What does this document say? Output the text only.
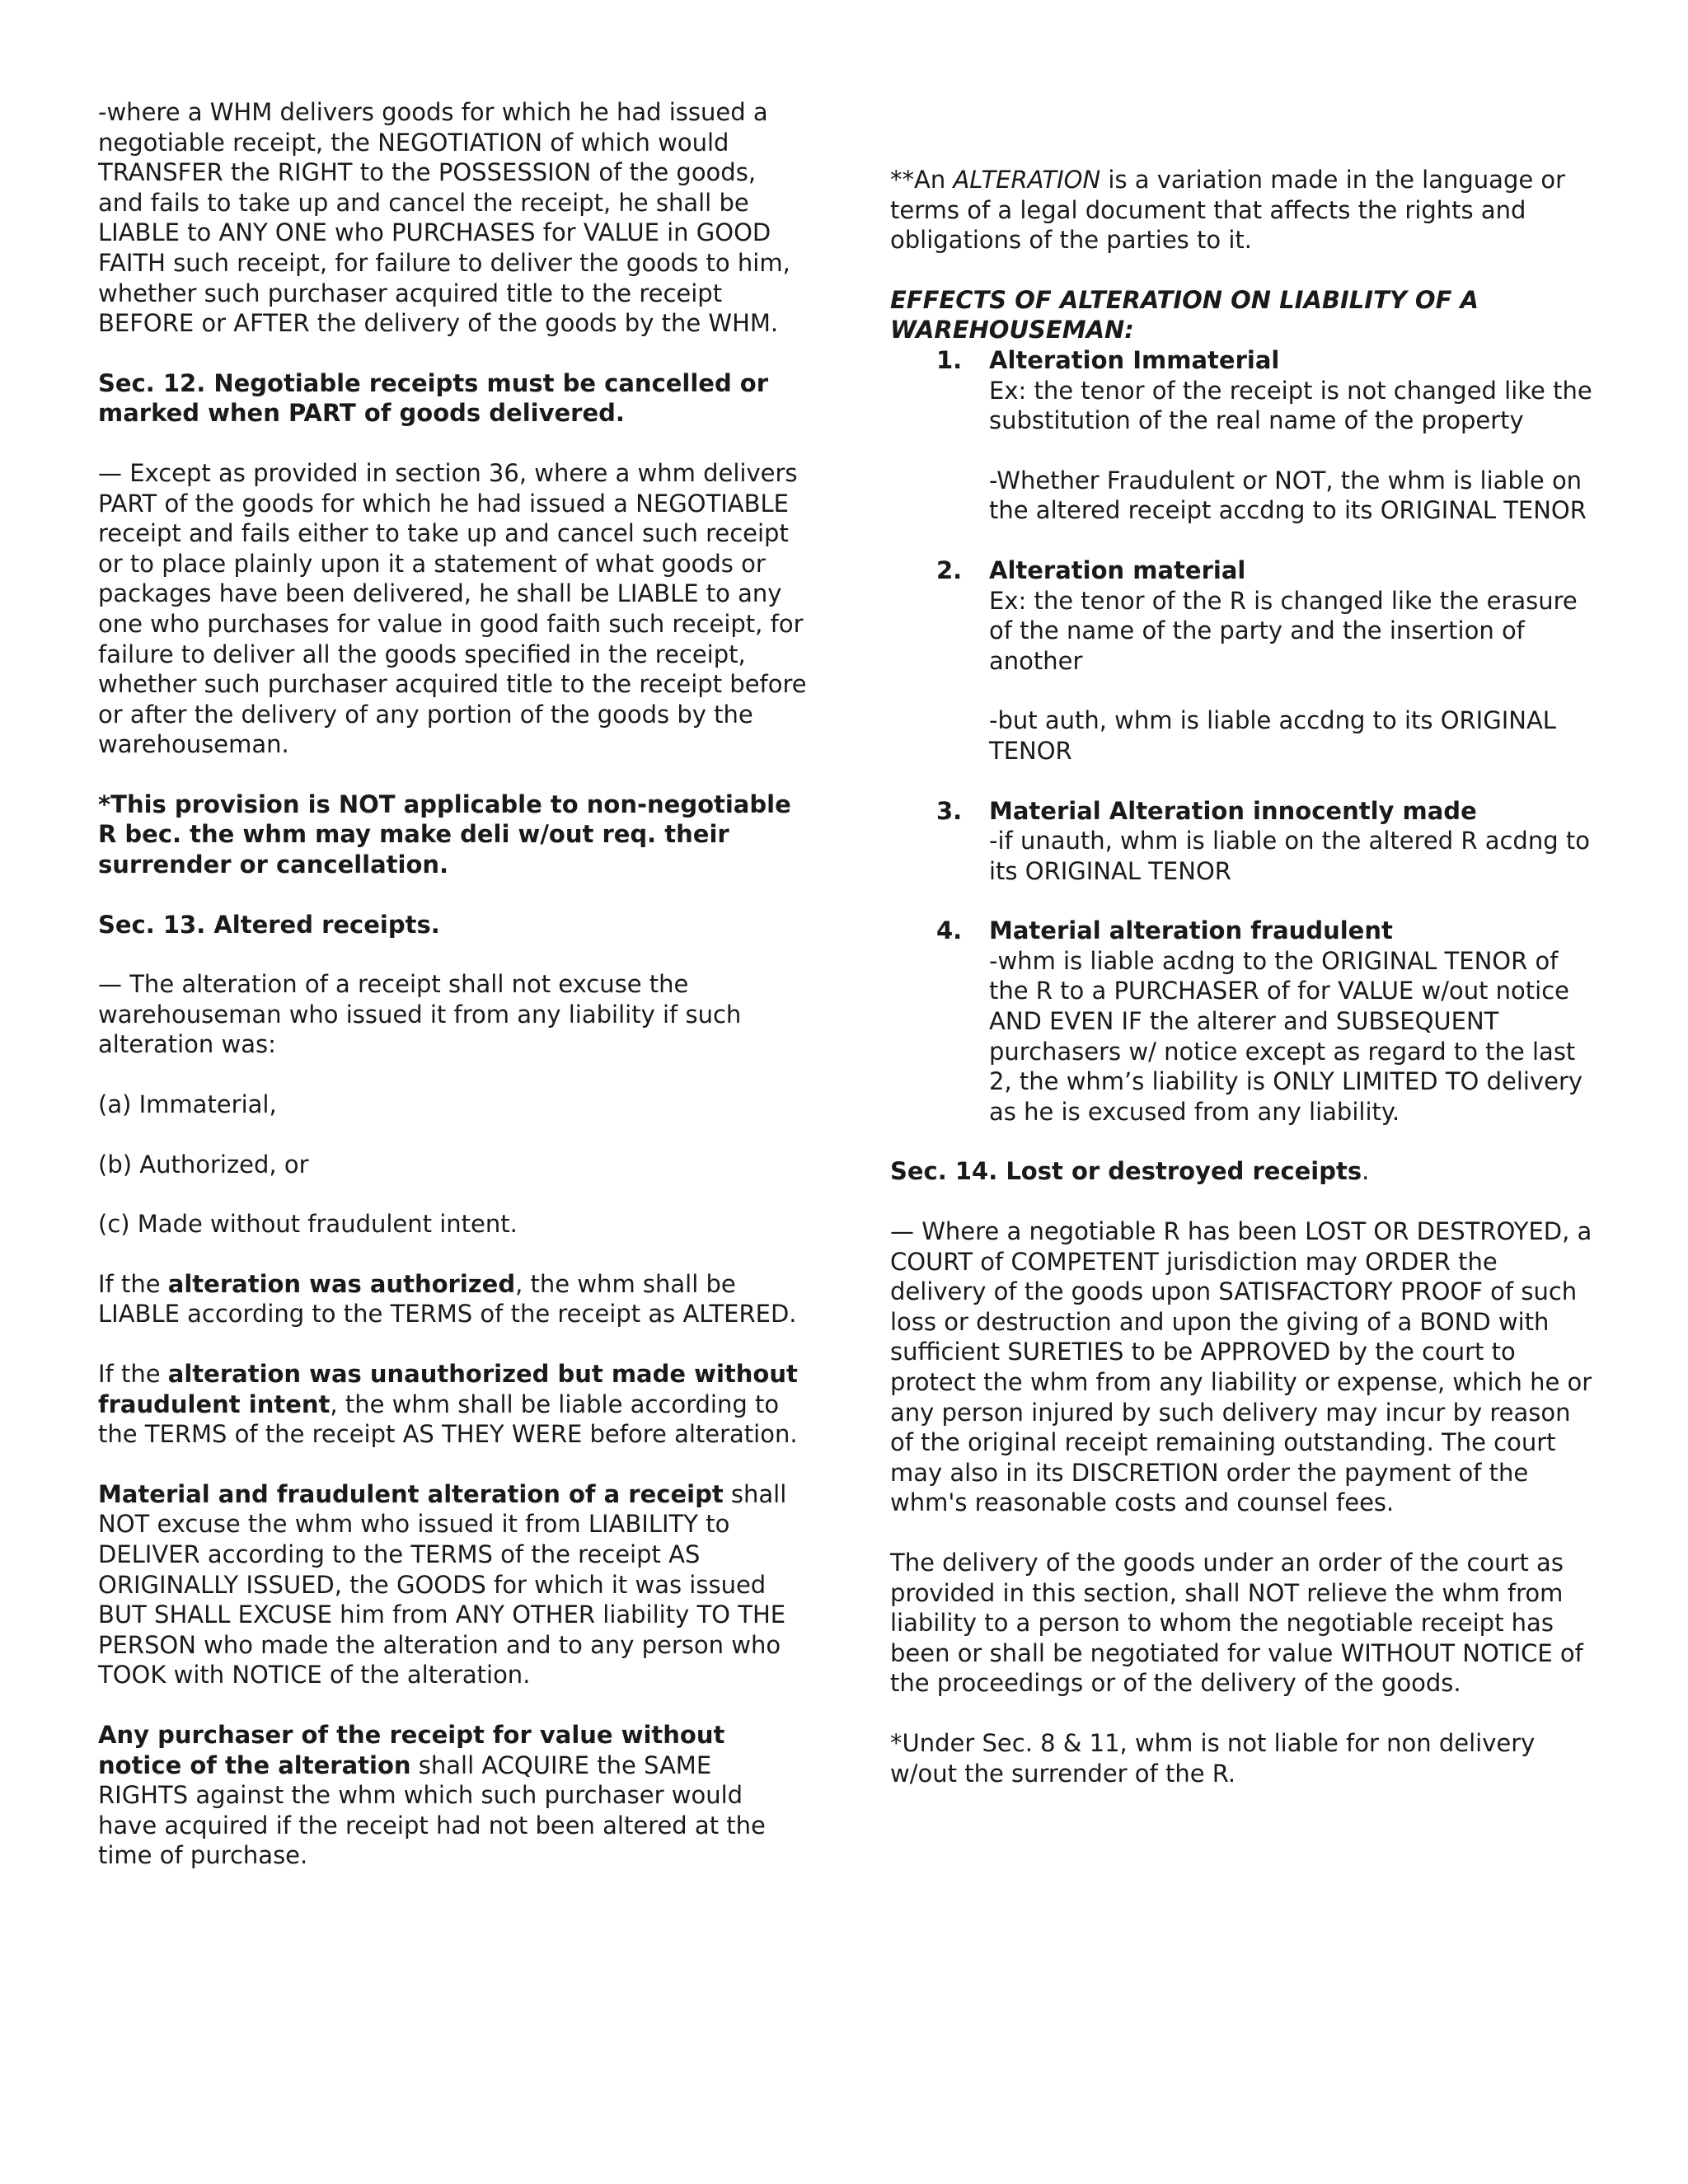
-where a WHM delivers goods for which he had issued a negotiable receipt, the NEGOTIATION of which would TRANSFER the RIGHT to the POSSESSION of the goods, and fails to take up and cancel the receipt, he shall be LIABLE to ANY ONE who PURCHASES for VALUE in GOOD FAITH such receipt, for failure to deliver the goods to him, whether such purchaser acquired title to the receipt BEFORE or AFTER the delivery of the goods by the WHM.

Sec. 12. Negotiable receipts must be cancelled or marked when PART of goods delivered.

— Except as provided in section 36, where a whm delivers PART of the goods for which he had issued a NEGOTIABLE receipt and fails either to take up and cancel such receipt or to place plainly upon it a statement of what goods or packages have been delivered, he shall be LIABLE to any one who purchases for value in good faith such receipt, for failure to deliver all the goods specified in the receipt, whether such purchaser acquired title to the receipt before or after the delivery of any portion of the goods by the warehouseman.

*This provision is NOT applicable to non-negotiable R bec. the whm may make deli w/out req. their surrender or cancellation.

Sec. 13. Altered receipts.

— The alteration of a receipt shall not excuse the warehouseman who issued it from any liability if such alteration was:

(a) Immaterial,

(b) Authorized, or

(c) Made without fraudulent intent.

If the alteration was authorized, the whm shall be LIABLE according to the TERMS of the receipt as ALTERED.

If the alteration was unauthorized but made without fraudulent intent, the whm shall be liable according to the TERMS of the receipt AS THEY WERE before alteration.

Material and fraudulent alteration of a receipt shall NOT excuse the whm who issued it from LIABILITY to DELIVER according to the TERMS of the receipt AS ORIGINALLY ISSUED, the GOODS for which it was issued BUT SHALL EXCUSE him from ANY OTHER liability TO THE PERSON who made the alteration and to any person who TOOK with NOTICE of the alteration.

Any purchaser of the receipt for value without notice of the alteration shall ACQUIRE the SAME RIGHTS against the whm which such purchaser would have acquired if the receipt had not been altered at the time of purchase.

**An ALTERATION is a variation made in the language or terms of a legal document that affects the rights and obligations of the parties to it.

EFFECTS OF ALTERATION ON LIABILITY OF A WAREHOUSEMAN:

1. Alteration Immaterial

Ex: the tenor of the receipt is not changed like the substitution of the real name of the property

-Whether Fraudulent or NOT, the whm is liable on the altered receipt accdng to its ORIGINAL TENOR

2. Alteration material

Ex: the tenor of the R is changed like the erasure of the name of the party and the insertion of another

-but auth, whm is liable accdng to its ORIGINAL TENOR

3. Material Alteration innocently made

-if unauth, whm is liable on the altered R acdng to its ORIGINAL TENOR

4. Material alteration fraudulent

-whm is liable acdng to the ORIGINAL TENOR of the R to a PURCHASER of for VALUE w/out notice AND EVEN IF the alterer and SUBSEQUENT purchasers w/ notice except as regard to the last 2, the whm’s liability is ONLY LIMITED TO delivery as he is excused from any liability.

Sec. 14. Lost or destroyed receipts.

— Where a negotiable R has been LOST OR DESTROYED, a COURT of COMPETENT jurisdiction may ORDER the delivery of the goods upon SATISFACTORY PROOF of such loss or destruction and upon the giving of a BOND with sufficient SURETIES to be APPROVED by the court to protect the whm from any liability or expense, which he or any person injured by such delivery may incur by reason of the original receipt remaining outstanding. The court may also in its DISCRETION order the payment of the whm's reasonable costs and counsel fees.

The delivery of the goods under an order of the court as provided in this section, shall NOT relieve the whm from liability to a person to whom the negotiable receipt has been or shall be negotiated for value WITHOUT NOTICE of the proceedings or of the delivery of the goods.

*Under Sec. 8 & 11, whm is not liable for non delivery w/out the surrender of the R.
